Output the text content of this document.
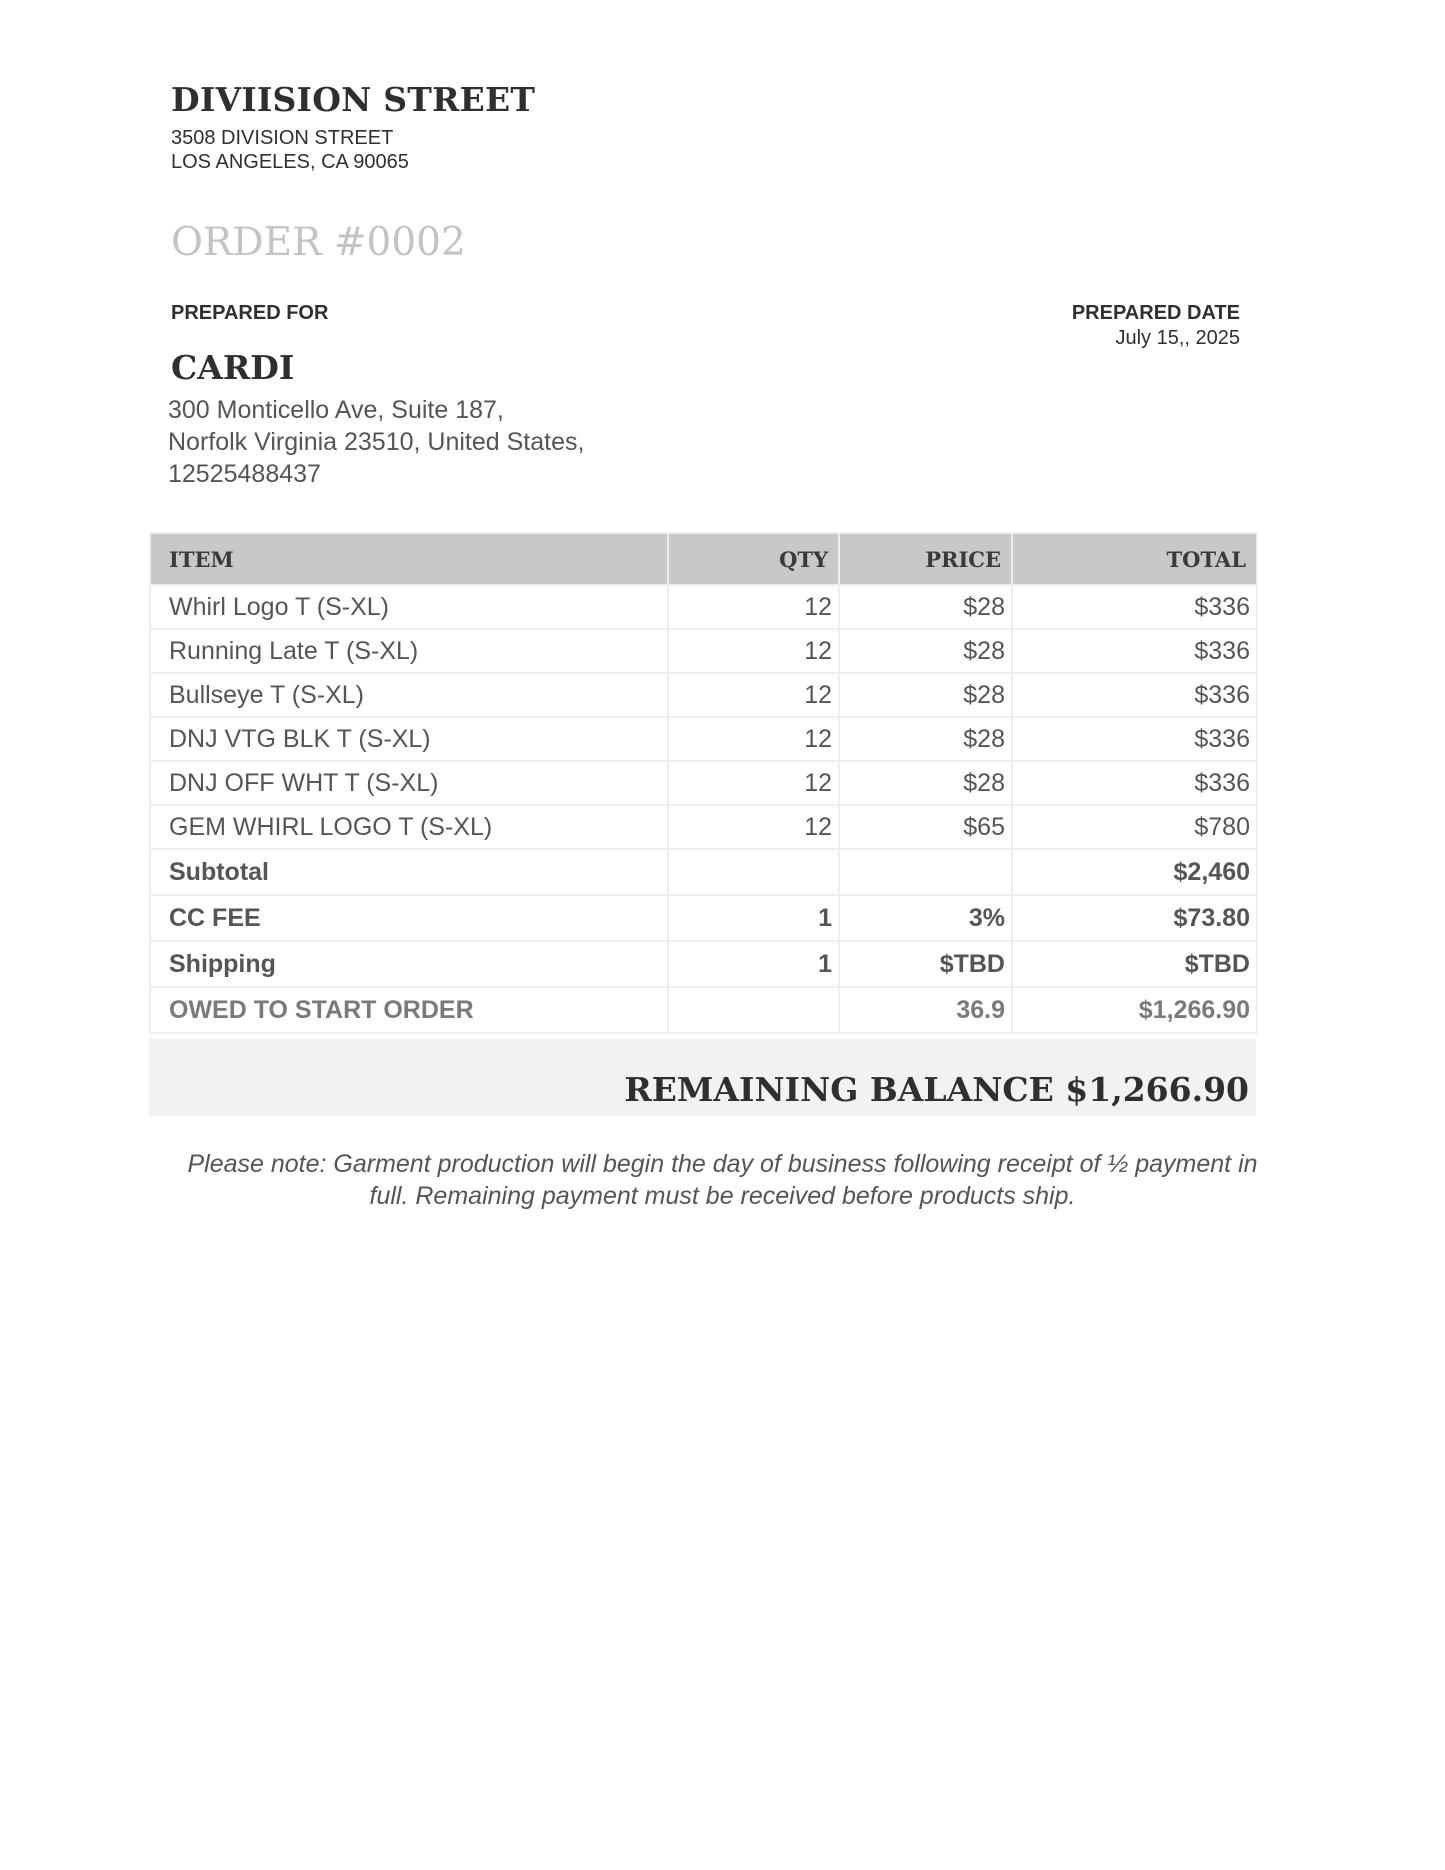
DIVIISION STREET
3508 DIVISION STREET
LOS ANGELES, CA 90065
ORDER #0002
PREPARED FOR	PREPARED DATE
July 15,, 2025
CARDI
300 Monticello Ave, Suite 187,
Norfolk Virginia 23510, United States,
12525488437
ITEM	QTY	PRICE	TOTAL
Whirl Logo T (S-XL)	12	$28	$336
Running Late T (S-XL)	12	$28	$336
Bullseye T (S-XL)	12	$28	$336
DNJ VTG BLK T (S-XL)	12	$28	$336
DNJ OFF WHT T (S-XL)	12	$28	$336
GEM WHIRL LOGO T (S-XL)	12	$65	$780
Subtotal			$2,460
CC FEE	1	3%	$73.80
Shipping	1	$TBD	$TBD
OWED TO START ORDER		36.9	$1,266.90
REMAINING BALANCE $1,266.90
Please note: Garment production will begin the day of business following receipt of ½ payment in
full. Remaining payment must be received before products ship.
